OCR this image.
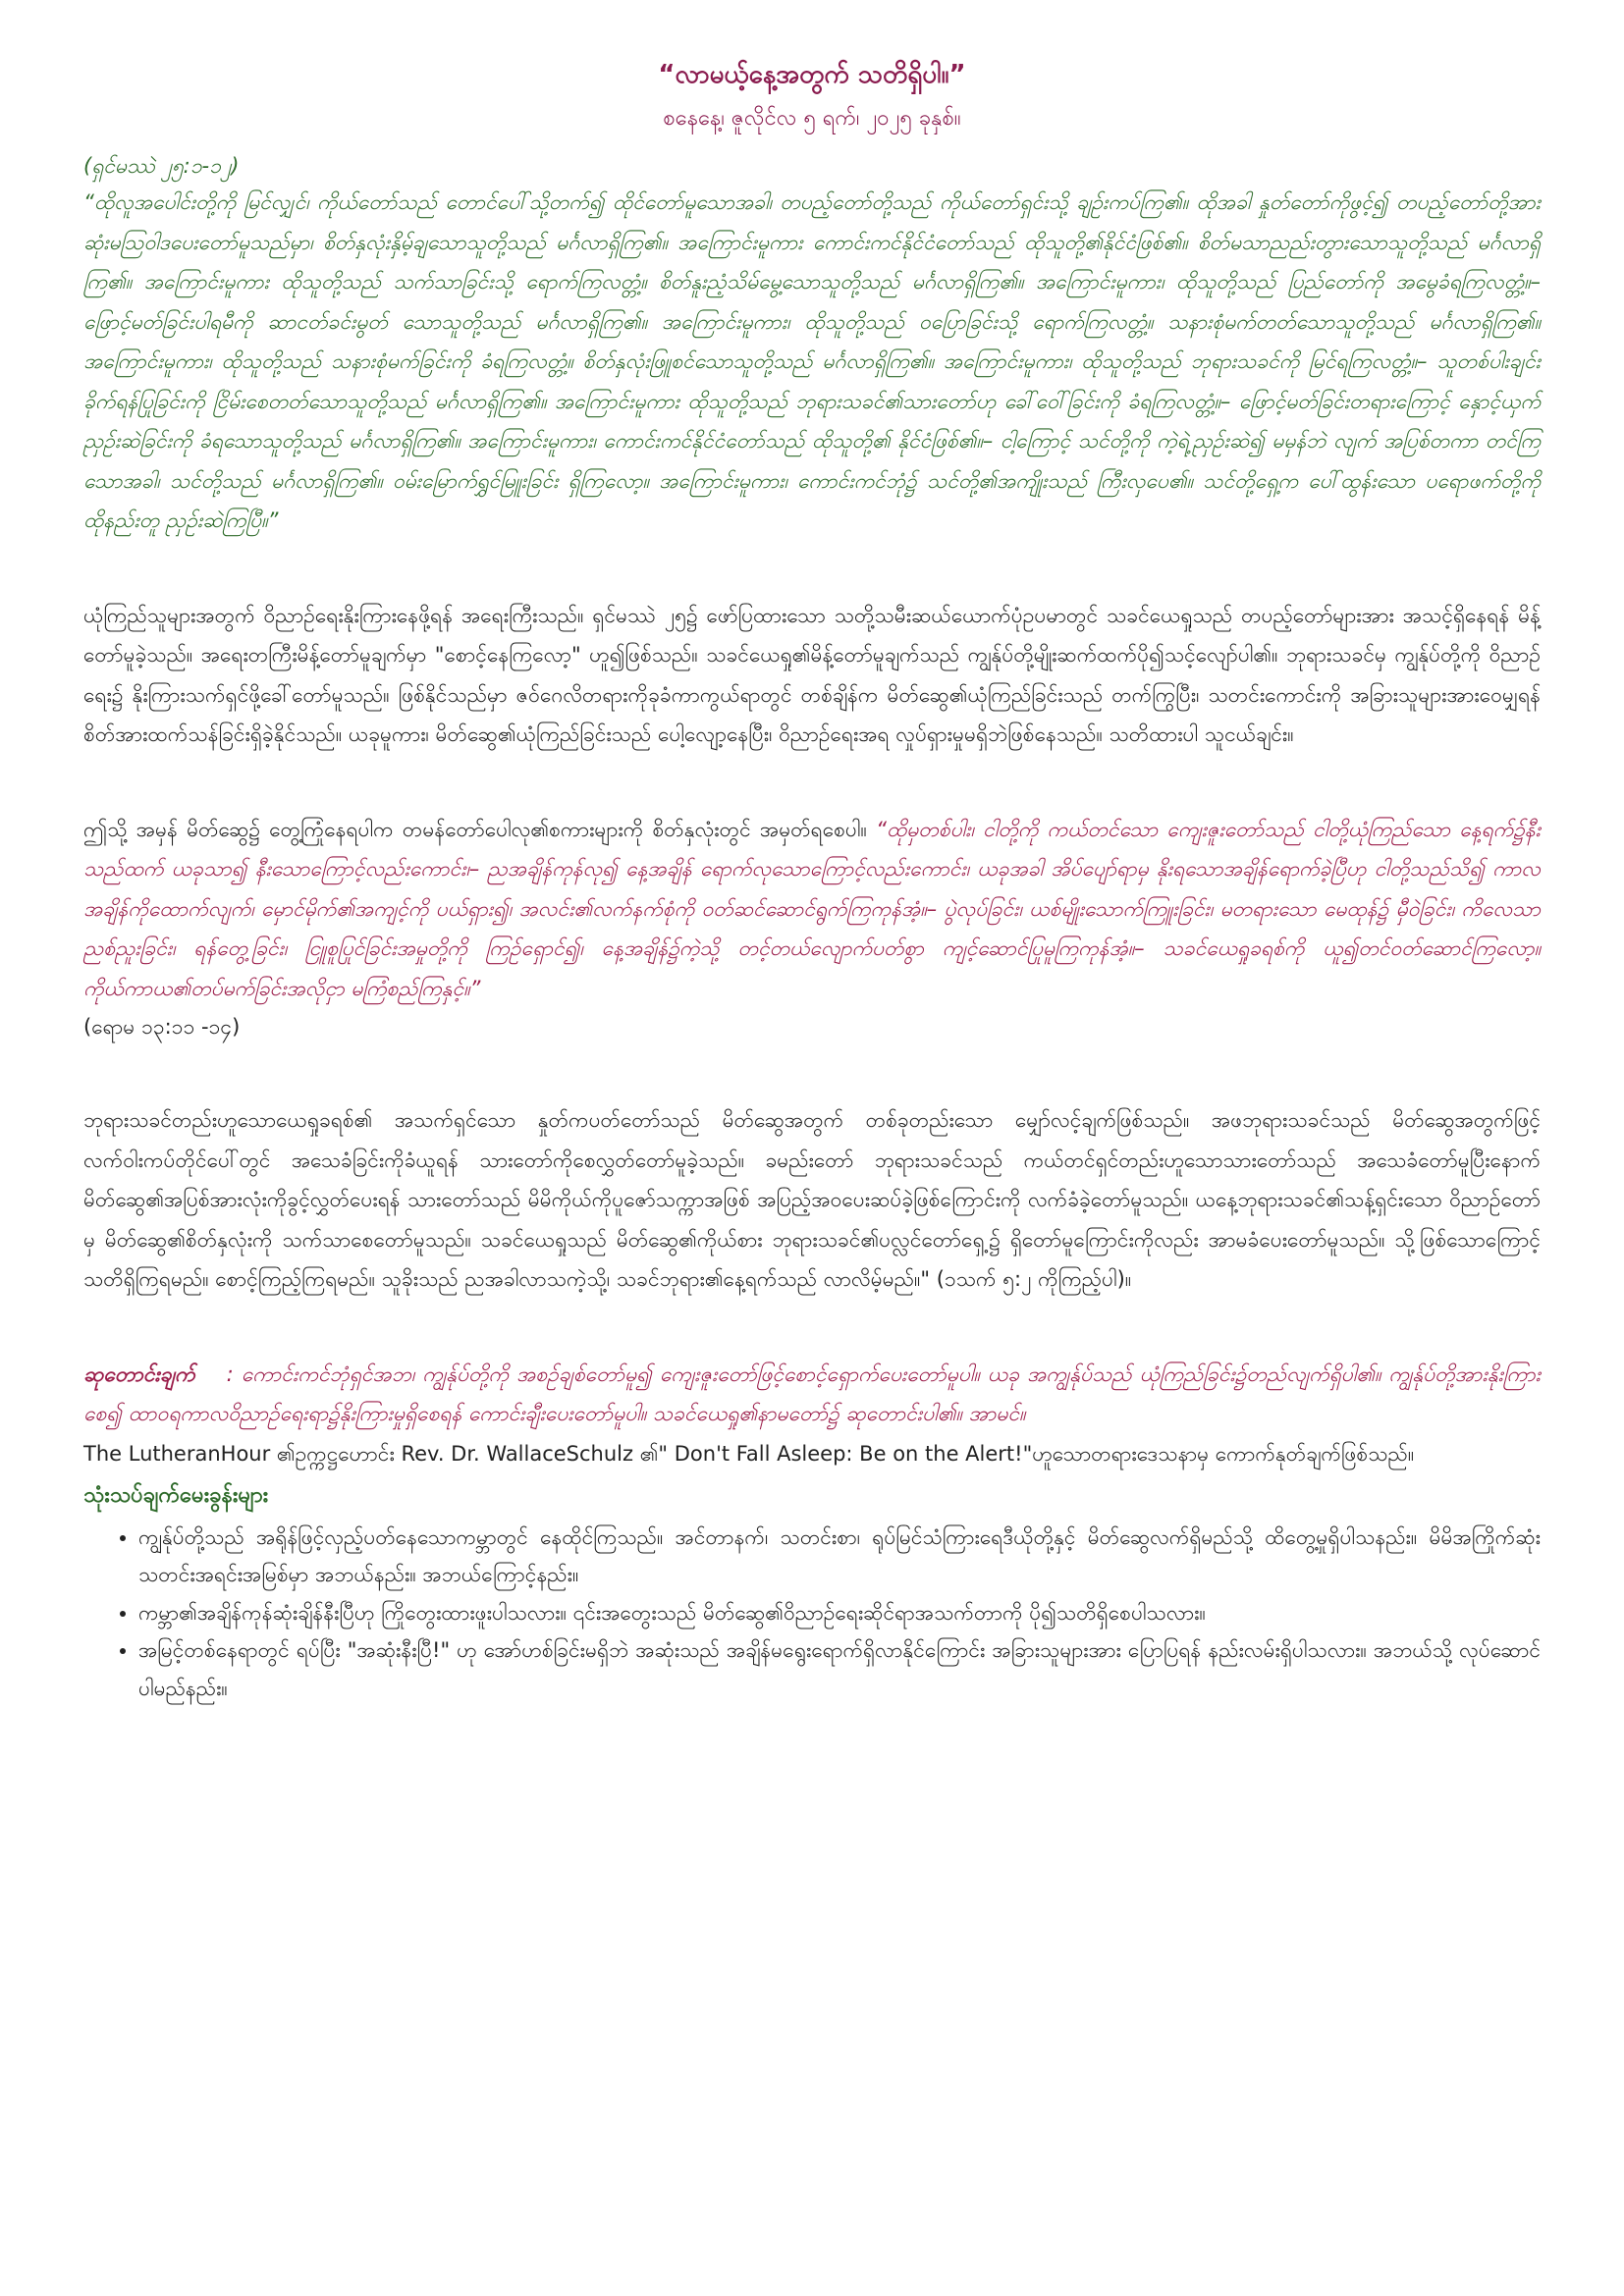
“လာမယ့်နေ့အတွက် သတိရှိပါ။”
စနေနေ့၊ ဇူလိုင်လ ၅ ရက်၊ ၂၀၂၅ ခုနှစ်။
(ရှင်မဿဲ ၂၅:၁-၁၂)

“ထိုလူအပေါင်းတို့ကို မြင်လျှင်၊ ကိုယ်တော်သည် တောင်ပေါ်သို့တက်၍ ထိုင်တော်မူသောအခါ၊ တပည့်တော်တို့သည် ကိုယ်တော်ရှင်းသို့ ချဉ်းကပ်ကြ၏။ ထိုအခါ နှုတ်တော်ကိုဖွင့်၍ တပည့်တော်တို့အား ဆုံးမဩဝါဒပေးတော်မူသည်မှာ၊ စိတ်နှလုံးနှိမ့်ချသောသူတို့သည် မင်္ဂလာရှိကြ၏။ အကြောင်းမူကား ကောင်းကင်နိုင်ငံတော်သည် ထိုသူတို့၏နိုင်ငံဖြစ်၏။ စိတ်မသာညည်းတွားသောသူတို့သည် မင်္ဂလာရှိကြ၏။ အကြောင်းမူကား ထိုသူတို့သည် သက်သာခြင်းသို့ ရောက်ကြလတ္တံ့။ စိတ်နူးညံ့သိမ်မွေ့သောသူတို့သည် မင်္ဂလာရှိကြ၏။ အကြောင်းမူကား၊ ထိုသူတို့သည် ပြည်တော်ကို အမွေခံရကြလတ္တံ့။– ဖြောင့်မတ်ခြင်းပါရမီကို ဆာငတ်ခင်းမွတ် သောသူတို့သည် မင်္ဂလာရှိကြ၏။ အကြောင်းမူကား၊ ထိုသူတို့သည် ဝပြောခြင်းသို့ ရောက်ကြလတ္တံ့။ သနားစုံမက်တတ်သောသူတို့သည် မင်္ဂလာရှိကြ၏။ အကြောင်းမူကား၊ ထိုသူတို့သည် သနားစုံမက်ခြင်းကို ခံရကြလတ္တံ့။ စိတ်နှလုံးဖြူစင်သောသူတို့သည် မင်္ဂလာရှိကြ၏။ အကြောင်းမူကား၊ ထိုသူတို့သည် ဘုရားသခင်ကို မြင်ရကြလတ္တံ့။– သူတစ်ပါးချင်း ခိုက်ရန်ပြုခြင်းကို ငြိမ်းစေတတ်သောသူတို့သည် မင်္ဂလာရှိကြ၏။ အကြောင်းမူကား ထိုသူတို့သည် ဘုရားသခင်၏သားတော်ဟု ခေါ်ဝေါ်ခြင်းကို ခံရကြလတ္တံ့။– ဖြောင့်မတ်ခြင်းတရားကြောင့် နှောင့်ယှက်ညှဉ်းဆဲခြင်းကို ခံရသောသူတို့သည် မင်္ဂလာရှိကြ၏။ အကြောင်းမူကား၊ ကောင်းကင်နိုင်ငံတော်သည် ထိုသူတို့၏ နိုင်ငံဖြစ်၏။– ငါ့ကြောင့် သင်တို့ကို ကဲ့ရဲ့ညှဉ်းဆဲ၍ မမှန်ဘဲ လျက် အပြစ်တကာ တင်ကြသောအခါ၊ သင်တို့သည် မင်္ဂလာရှိကြ၏။ ဝမ်းမြောက်ရွှင်မြူးခြင်း ရှိကြလော့။ အကြောင်းမူကား၊ ကောင်းကင်ဘုံ၌ သင်တို့၏အကျိုးသည် ကြီးလှပေ၏။ သင်တို့ရှေ့က ပေါ်ထွန်းသော ပရောဖက်တို့ကို ထိုနည်းတူ ညှဉ်းဆဲကြပြီ။”

ယုံကြည်သူများအတွက် ဝိညာဉ်ရေးနိုးကြားနေဖို့ရန် အရေးကြီးသည်။ ရှင်မဿဲ ၂၅၌ ဖော်ပြထားသော သတို့သမီးဆယ်ယောက်ပုံဥပမာတွင် သခင်ယေရှုသည် တပည့်တော်များအား အသင့်ရှိနေရန် မိန့်တော်မူခဲ့သည်။ အရေးတကြီးမိန့်တော်မူချက်မှာ "စောင့်နေကြလော့" ဟူ၍ဖြစ်သည်။ သခင်ယေရှု၏မိန့်တော်မူချက်သည် ကျွန်ုပ်တို့မျိုးဆက်ထက်ပို၍သင့်လျော်ပါ၏။ ဘုရားသခင်မှ ကျွန်ုပ်တို့ကို ဝိညာဉ်ရေး၌ နိုးကြားသက်ရှင်ဖို့ခေါ်တော်မူသည်။ ဖြစ်နိုင်သည်မှာ ဇဝ်ဂေလိတရားကိုခုခံကာကွယ်ရာတွင် တစ်ချိန်က မိတ်ဆွေ၏ယုံကြည်ခြင်းသည် တက်ကြွပြီး၊ သတင်းကောင်းကို အခြားသူများအားဝေမျှရန် စိတ်အားထက်သန်ခြင်းရှိခဲ့နိုင်သည်။ ယခုမူကား၊ မိတ်ဆွေ၏ယုံကြည်ခြင်းသည် ပေါ့လျော့နေပြီး၊ ဝိညာဉ်ရေးအရ လှုပ်ရှားမှုမရှိဘဲဖြစ်နေသည်။ သတိထားပါ သူငယ်ချင်း။

ဤသို့ အမှန် မိတ်ဆွေ၌ တွေ့ကြုံနေရပါက တမန်တော်ပေါလု၏စကားများကို စိတ်နှလုံးတွင် အမှတ်ရစေပါ။ “ထိုမှတစ်ပါး၊ ငါတို့ကို ကယ်တင်သော ကျေးဇူးတော်သည် ငါတို့ယုံကြည်သော နေ့ရက်၌နီးသည်ထက် ယခုသာ၍ နီးသောကြောင့်လည်းကောင်း၊– ညအချိန်ကုန်လု၍ နေ့အချိန် ရောက်လုသောကြောင့်လည်းကောင်း၊ ယခုအခါ အိပ်ပျော်ရာမှ နိုးရသောအချိန်ရောက်ခဲ့ပြီဟု ငါတို့သည်သိ၍ ကာလအချိန်ကိုထောက်လျက်၊ မှောင်မိုက်၏အကျင့်ကို ပယ်ရှား၍၊ အလင်း၏လက်နက်စုံကို ဝတ်ဆင်ဆောင်ရွက်ကြကုန်အံ့။– ပွဲလုပ်ခြင်း၊ ယစ်မျိုးသောက်ကြူးခြင်း၊ မတရားသော မေထုန်၌ မှီဝဲခြင်း၊ ကိလေသာညစ်ညူးခြင်း၊ ရန်တွေ့ခြင်း၊ ငြူစူပြုင်ခြင်းအမှုတို့ကို ကြဉ်ရှောင်၍၊ နေ့အချိန်၌ကဲ့သို့ တင့်တယ်လျောက်ပတ်စွာ ကျင့်ဆောင်ပြုမူကြကုန်အံ့။– သခင်ယေရှုခရစ်ကို ယူ၍တင်ဝတ်ဆောင်ကြလော့။ ကိုယ်ကာယ၏တပ်မက်ခြင်းအလိုငှာ မကြံစည်ကြနှင့်။”

(ရောမ ၁၃:၁၁ -၁၄)

ဘုရားသခင်တည်းဟူသောယေရှုခရစ်၏ အသက်ရှင်သော နှုတ်ကပတ်တော်သည် မိတ်ဆွေအတွက် တစ်ခုတည်းသော မျှော်လင့်ချက်ဖြစ်သည်။ အဖဘုရားသခင်သည် မိတ်ဆွေအတွက်ဖြင့် လက်ဝါးကပ်တိုင်ပေါ်တွင် အသေခံခြင်းကိုခံယူရန် သားတော်ကိုစေလွှတ်တော်မူခဲ့သည်။ ခမည်းတော် ဘုရားသခင်သည် ကယ်တင်ရှင်တည်းဟူသောသားတော်သည် အသေခံတော်မူပြီးနောက် မိတ်ဆွေ၏အပြစ်အားလုံးကိုခွင့်လွှတ်ပေးရန် သားတော်သည် မိမိကိုယ်ကိုပူဇော်သက္ကာအဖြစ် အပြည့်အဝပေးဆပ်ခဲ့ဖြစ်ကြောင်းကို လက်ခံခဲ့တော်မူသည်။ ယနေ့ဘုရားသခင်၏သန့်ရှင်းသော ဝိညာဉ်တော်မှ မိတ်ဆွေ၏စိတ်နှလုံးကို သက်သာစေတော်မူသည်။ သခင်ယေရှုသည် မိတ်ဆွေ၏ကိုယ်စား ဘုရားသခင်၏ပလ္လင်တော်ရှေ့၌ ရှိတော်မူကြောင်းကိုလည်း အာမခံပေးတော်မူသည်။ သို့ဖြစ်သောကြောင့် သတိရှိကြရမည်။ စောင့်ကြည့်ကြရမည်။ သူခိုးသည် ညအခါလာသကဲ့သို့၊ သခင်ဘုရား၏နေ့ရက်သည် လာလိမ့်မည်။" (၁သက် ၅:၂ ကိုကြည့်ပါ)။

ဆုတောင်းချက် : ကောင်းကင်ဘုံရှင်အဘ၊ ကျွန်ုပ်တို့ကို အစဉ်ချစ်တော်မူ၍ ကျေးဇူးတော်ဖြင့်စောင့်ရှောက်ပေးတော်မူပါ။ ယခု အကျွန်ုပ်သည် ယုံကြည်ခြင်း၌တည်လျက်ရှိပါ၏။ ကျွန်ုပ်တို့အားနိုးကြားစေ၍ ထာဝရကာလဝိညာဉ်ရေးရာ၌နိုးကြားမှုရှိစေရန် ကောင်းချီးပေးတော်မူပါ။ သခင်ယေရှု၏နာမတော်၌ ဆုတောင်းပါ၏။ အာမင်။

The LutheranHour ၏ဥက္ကဋ္ဌဟောင်း Rev. Dr. WallaceSchulz ၏" Don't Fall Asleep: Be on the Alert!"ဟူသောတရားဒေသနာမှ ကောက်နုတ်ချက်ဖြစ်သည်။

သုံးသပ်ချက်မေးခွန်းများ
• ကျွန်ုပ်တို့သည် အရိုန်ဖြင့်လှည့်ပတ်နေသောကမ္ဘာတွင် နေထိုင်ကြသည်။ အင်တာနက်၊ သတင်းစာ၊ ရုပ်မြင်သံကြားရေဒီယိုတို့နှင့် မိတ်ဆွေလက်ရှိမည်သို့ ထိတွေ့မှုရှိပါသနည်း။ မိမိအကြိုက်ဆုံး သတင်းအရင်းအမြစ်မှာ အဘယ်နည်း။ အဘယ်ကြောင့်နည်း။
• ကမ္ဘာ၏အချိန်ကုန်ဆုံးချိန်နီးပြီဟု ကြိုတွေးထားဖူးပါသလား။ ၎င်းအတွေးသည် မိတ်ဆွေ၏ဝိညာဉ်ရေးဆိုင်ရာအသက်တာကို ပို၍သတိရှိစေပါသလား။
• အမြင့်တစ်နေရာတွင် ရပ်ပြီး "အဆုံးနီးပြီ!" ဟု အော်ဟစ်ခြင်းမရှိဘဲ အဆုံးသည် အချိန်မရွေးရောက်ရှိလာနိုင်ကြောင်း အခြားသူများအား ပြောပြရန် နည်းလမ်းရှိပါသလား။ အဘယ်သို့ လုပ်ဆောင်ပါမည်နည်း။
